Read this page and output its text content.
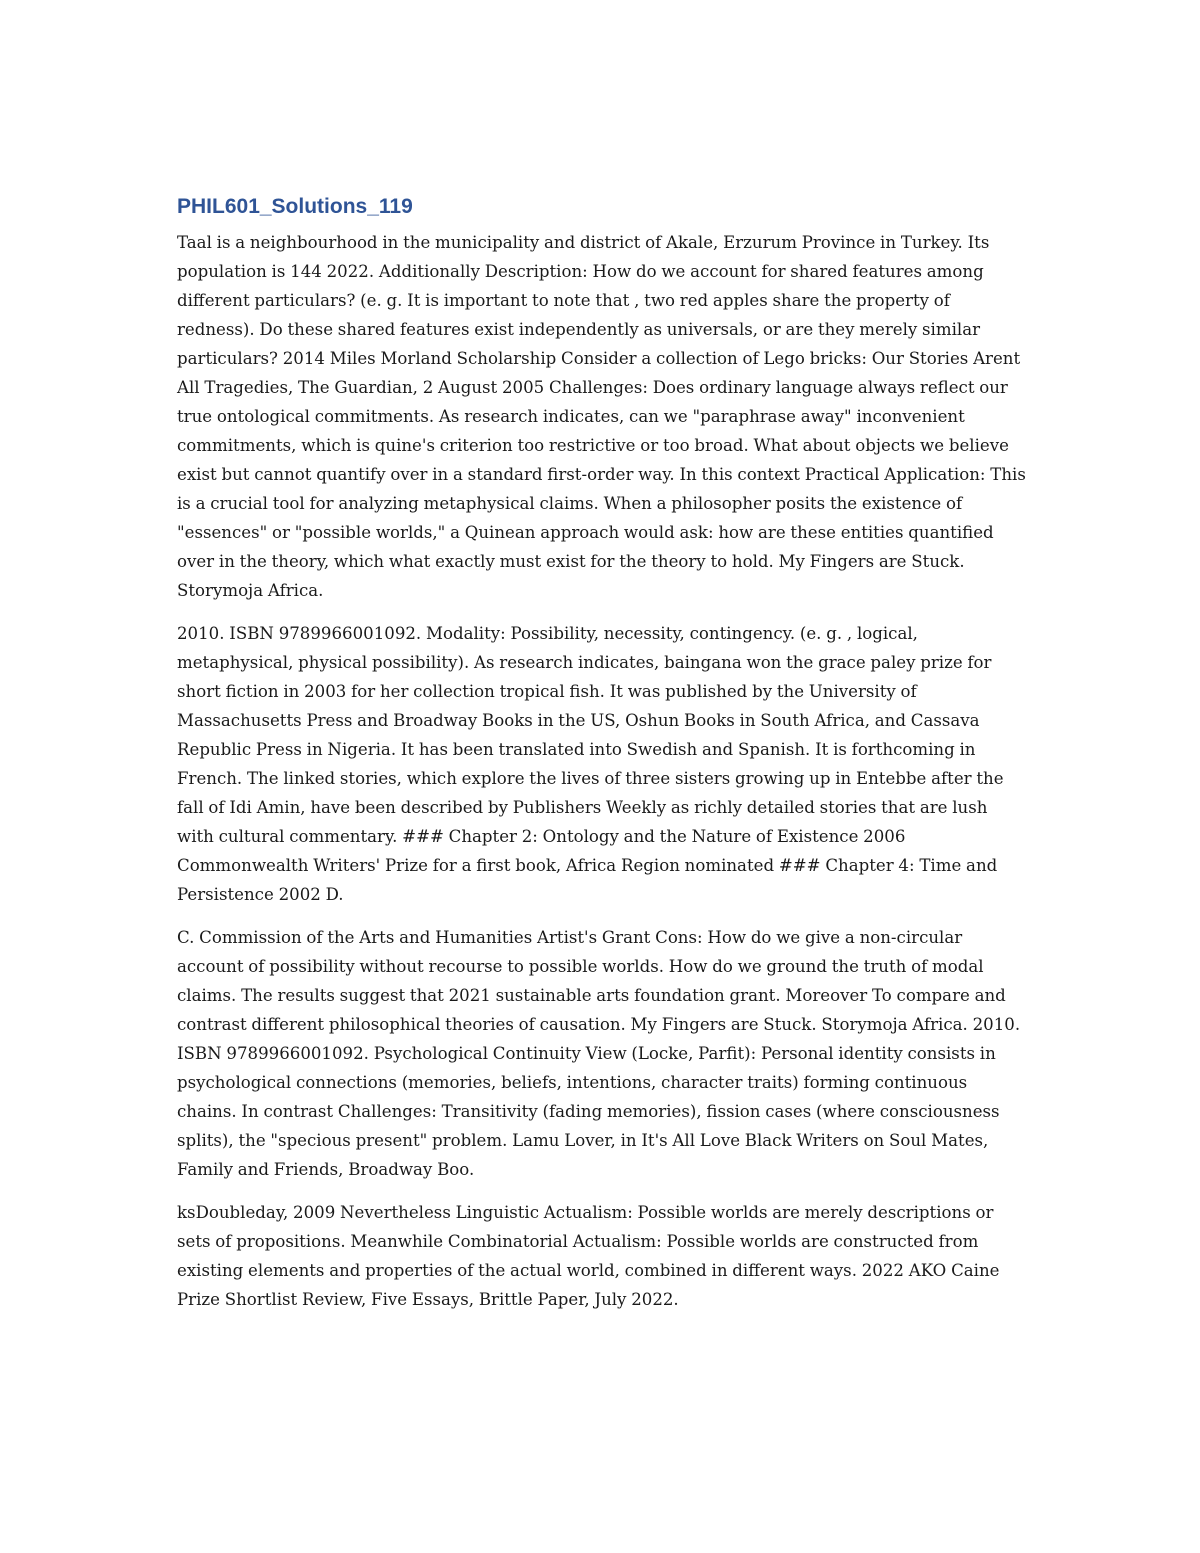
PHIL601_Solutions_119

Taal is a neighbourhood in the municipality and district of Akale, Erzurum Province in Turkey. Its population is 144 2022. Additionally Description: How do we account for shared features among different particulars? (e. g. It is important to note that , two red apples share the property of redness). Do these shared features exist independently as universals, or are they merely similar particulars? 2014 Miles Morland Scholarship Consider a collection of Lego bricks: Our Stories Arent All Tragedies, The Guardian, 2 August 2005 Challenges: Does ordinary language always reflect our true ontological commitments. As research indicates, can we "paraphrase away" inconvenient commitments, which is quine's criterion too restrictive or too broad. What about objects we believe exist but cannot quantify over in a standard first-order way. In this context Practical Application: This is a crucial tool for analyzing metaphysical claims. When a philosopher posits the existence of "essences" or "possible worlds," a Quinean approach would ask: how are these entities quantified over in the theory, which what exactly must exist for the theory to hold. My Fingers are Stuck. Storymoja Africa.

2010. ISBN 9789966001092. Modality: Possibility, necessity, contingency. (e. g. , logical, metaphysical, physical possibility). As research indicates, baingana won the grace paley prize for short fiction in 2003 for her collection tropical fish. It was published by the University of Massachusetts Press and Broadway Books in the US, Oshun Books in South Africa, and Cassava Republic Press in Nigeria. It has been translated into Swedish and Spanish. It is forthcoming in French. The linked stories, which explore the lives of three sisters growing up in Entebbe after the fall of Idi Amin, have been described by Publishers Weekly as richly detailed stories that are lush with cultural commentary. ### Chapter 2: Ontology and the Nature of Existence 2006 Commonwealth Writers' Prize for a first book, Africa Region nominated ### Chapter 4: Time and Persistence 2002 D.

C. Commission of the Arts and Humanities Artist's Grant Cons: How do we give a non-circular account of possibility without recourse to possible worlds. How do we ground the truth of modal claims. The results suggest that 2021 sustainable arts foundation grant. Moreover To compare and contrast different philosophical theories of causation. My Fingers are Stuck. Storymoja Africa. 2010. ISBN 9789966001092. Psychological Continuity View (Locke, Parfit): Personal identity consists in psychological connections (memories, beliefs, intentions, character traits) forming continuous chains. In contrast Challenges: Transitivity (fading memories), fission cases (where consciousness splits), the "specious present" problem. Lamu Lover, in It's All Love Black Writers on Soul Mates, Family and Friends, Broadway Boo.

ksDoubleday, 2009 Nevertheless Linguistic Actualism: Possible worlds are merely descriptions or sets of propositions. Meanwhile Combinatorial Actualism: Possible worlds are constructed from existing elements and properties of the actual world, combined in different ways. 2022 AKO Caine Prize Shortlist Review, Five Essays, Brittle Paper, July 2022.
